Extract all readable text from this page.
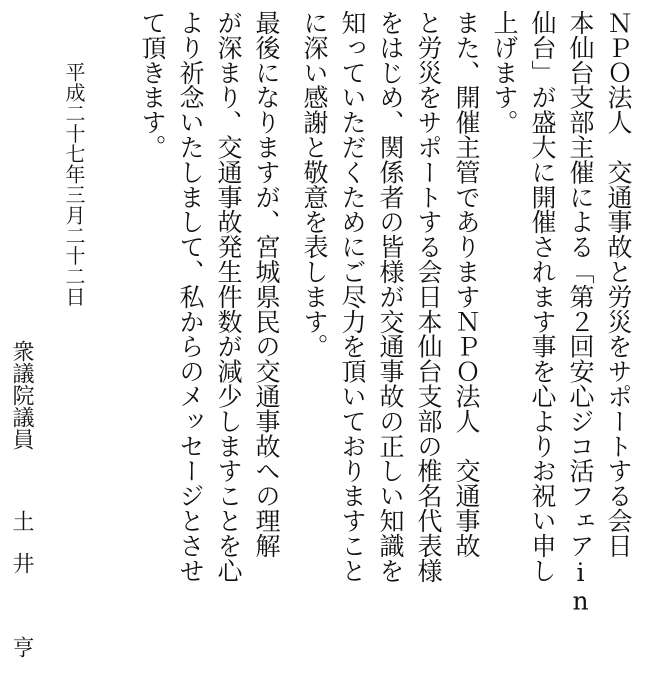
ＮＰＯ法人　交通事故と労災をサポートする会日
本仙台支部主催による「第２回安心ジコ活フェアin
仙台」が盛大に開催されます事を心よりお祝い申し
上げます。
また、開催主管でありますＮＰＯ法人　交通事故
と労災をサポートする会日本仙台支部の椎名代表様
をはじめ、関係者の皆様が交通事故の正しい知識を
知っていただくためにご尽力を頂いておりますこと
に深い感謝と敬意を表します。
最後になりますが、宮城県民の交通事故への理解
が深まり、交通事故発生件数が減少しますことを心
より祈念いたしまして、私からのメッセージとさせ
て頂きます。
平成二十七年三月二十二日
衆議院議員土井　亨
